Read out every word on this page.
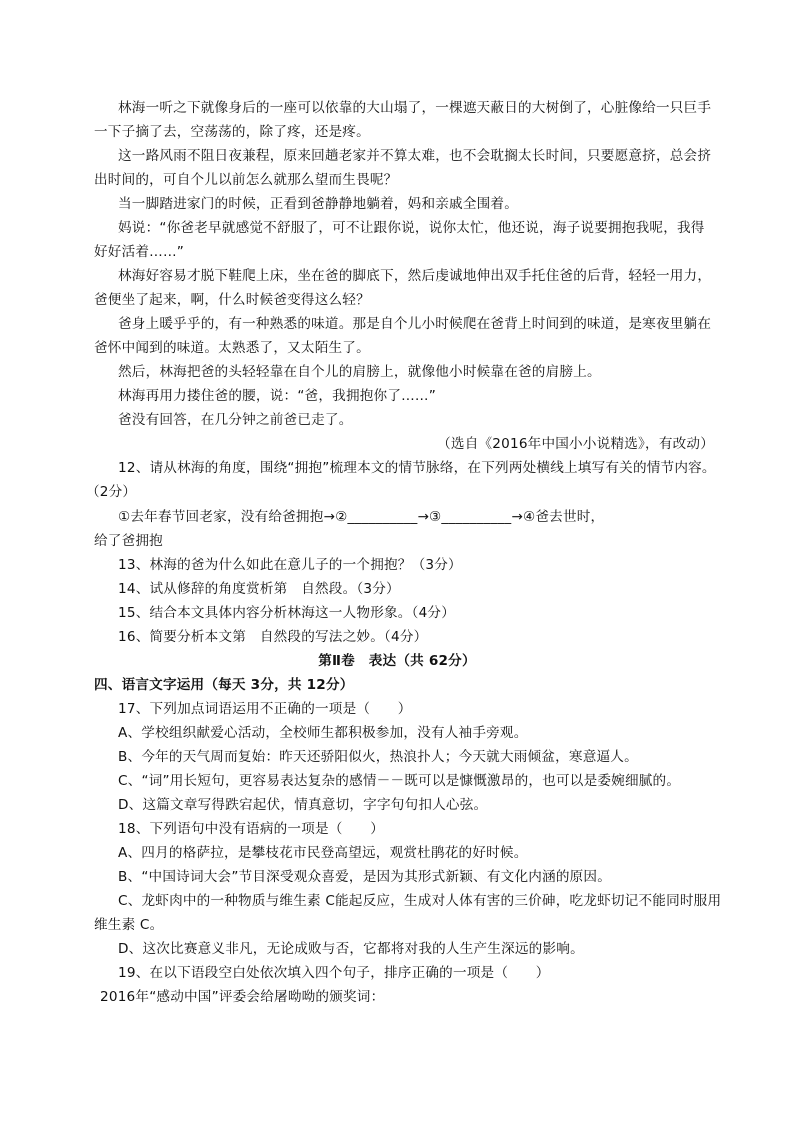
林海一听之下就像身后的一座可以依靠的大山塌了，一棵遮天蔽日的大树倒了，心脏像给一只巨手
一下子摘了去，空荡荡的，除了疼，还是疼。
这一路风雨不阻日夜兼程，原来回趟老家并不算太难，也不会耽搁太长时间，只要愿意挤，总会挤
出时间的，可自个儿以前怎么就那么望而生畏呢？
当一脚踏进家门的时候，正看到爸静静地躺着，妈和亲戚全围着。
妈说：“你爸老早就感觉不舒服了，可不让跟你说，说你太忙，他还说，海子说要拥抱我呢，我得
好好活着……”
林海好容易才脱下鞋爬上床，坐在爸的脚底下，然后虔诚地伸出双手托住爸的后背，轻轻一用力，
爸便坐了起来，啊，什么时候爸变得这么轻？
爸身上暖乎乎的，有一种熟悉的味道。那是自个儿小时候爬在爸背上时间到的味道，是寒夜里躺在
爸怀中闻到的味道。太熟悉了，又太陌生了。
然后，林海把爸的头轻轻靠在自个儿的肩膀上，就像他小时候靠在爸的肩膀上。
林海再用力搂住爸的腰，说：“爸，我拥抱你了……”
爸没有回答，在几分钟之前爸已走了。
（选自《2016年中国小小说精选》，有改动）
12、请从林海的角度，围绕“拥抱”梳理本文的情节脉络，在下列两处横线上填写有关的情节内容。
（2分）
①去年春节回老家，没有给爸拥抱→②__________→③__________→④爸去世时，
给了爸拥抱
13、林海的爸为什么如此在意儿子的一个拥抱？（3分）
14、试从修辞的角度赏析第　自然段。（3分）
15、结合本文具体内容分析林海这一人物形象。（4分）
16、简要分析本文第　自然段的写法之妙。（4分）
第Ⅱ卷　表达（共 62分）
四、语言文字运用（每天 3分，共 12分）
17、下列加点词语运用不正确的一项是（　　）
A、学校组织献爱心活动，全校师生都积极参加，没有人袖手旁观。
B、今年的天气周而复始：昨天还骄阳似火，热浪扑人；今天就大雨倾盆，寒意逼人。
C、“词”用长短句，更容易表达复杂的感情－－既可以是慷慨激昂的，也可以是委婉细腻的。
D、这篇文章写得跌宕起伏，情真意切，字字句句扣人心弦。
18、下列语句中没有语病的一项是（　　）
A、四月的格萨拉，是攀枝花市民登高望远，观赏杜鹃花的好时候。
B、“中国诗词大会”节目深受观众喜爱，是因为其形式新颖、有文化内涵的原因。
C、龙虾肉中的一种物质与维生素 C能起反应，生成对人体有害的三价砷，吃龙虾切记不能同时服用
维生素 C。
D、这次比赛意义非凡，无论成败与否，它都将对我的人生产生深远的影响。
19、在以下语段空白处依次填入四个句子，排序正确的一项是（　　）
2016年“感动中国”评委会给屠呦呦的颁奖词：
